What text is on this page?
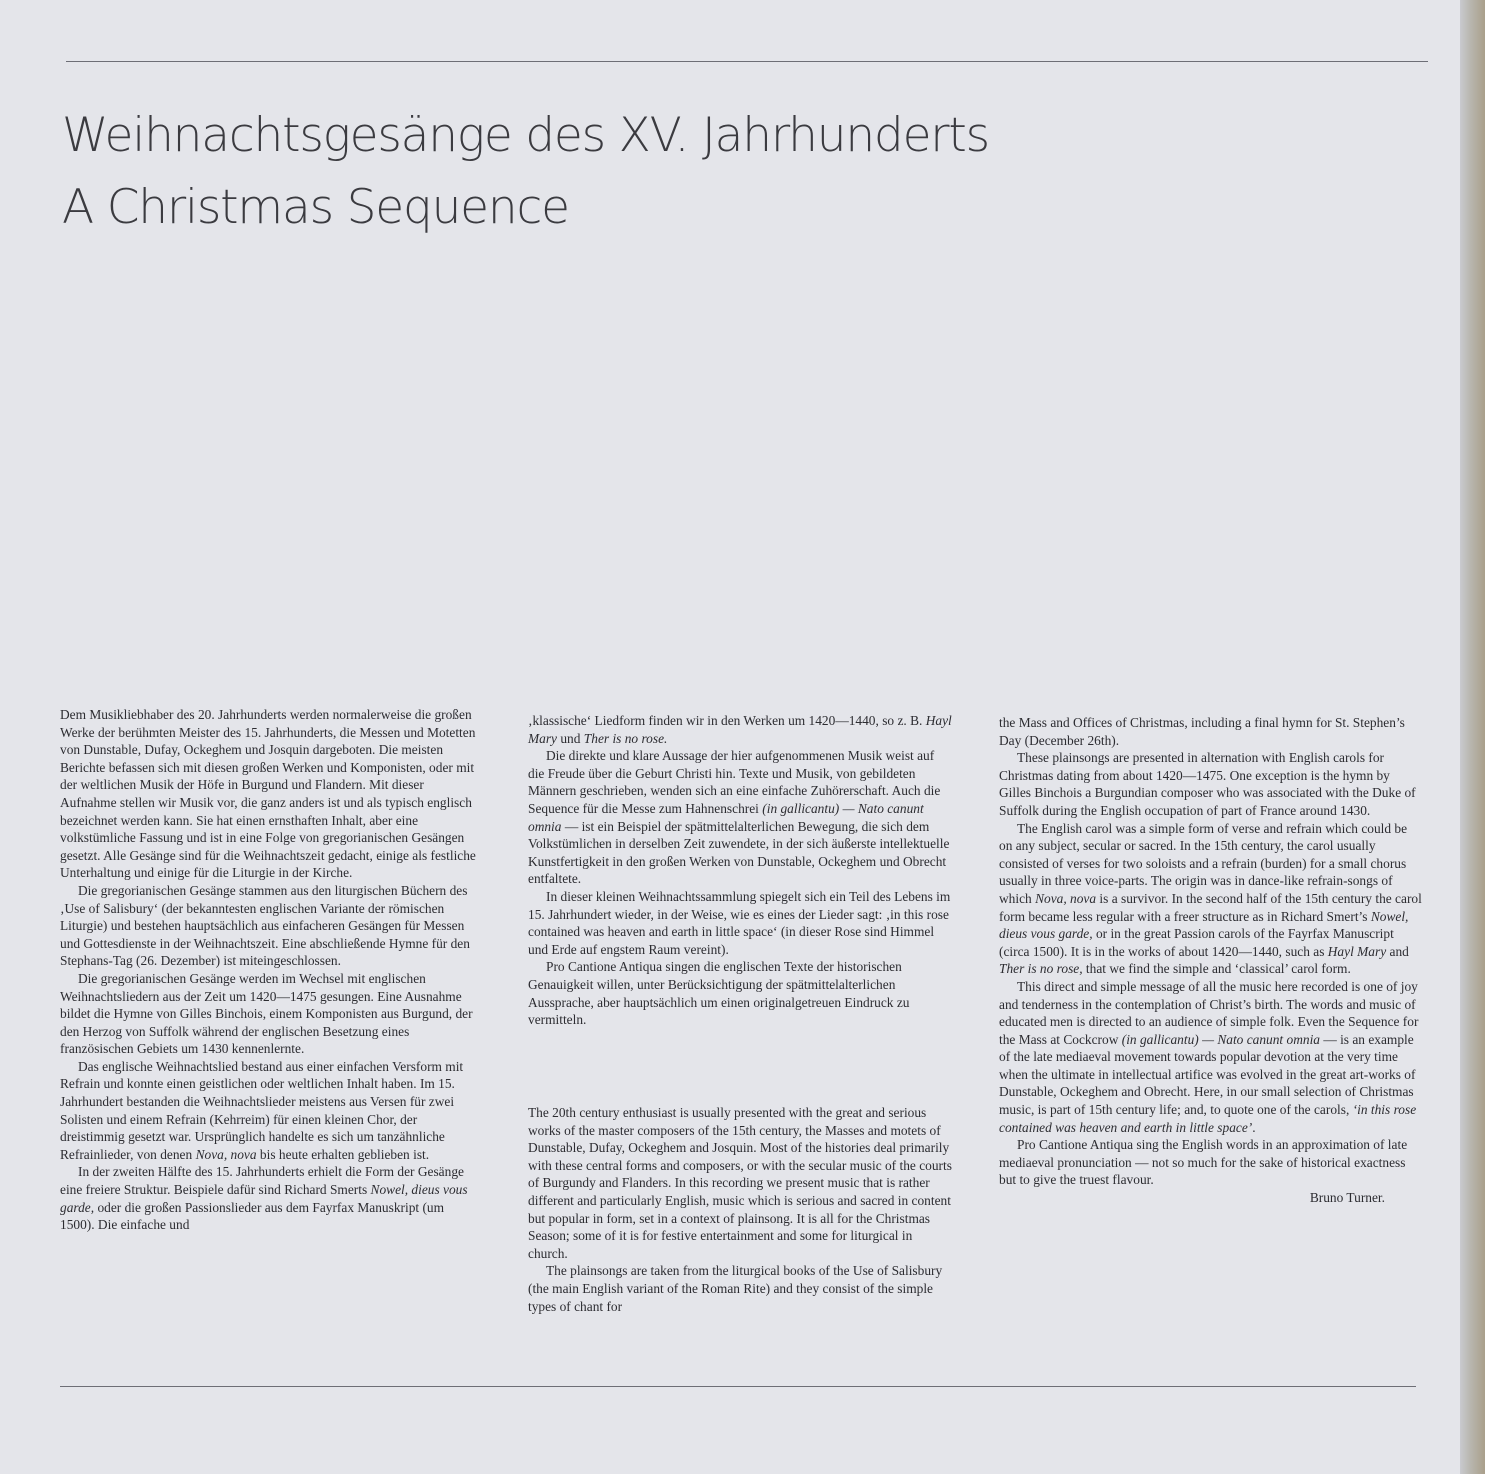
Weihnachtsgesänge des XV. Jahrhunderts
A Christmas Sequence

Dem Musikliebhaber des 20. Jahrhunderts werden normalerweise die großen Werke der berühmten Meister des 15. Jahrhunderts, die Messen und Motetten von Dunstable, Dufay, Ockeghem und Josquin dargeboten. Die meisten Berichte befassen sich mit diesen großen Werken und Komponisten, oder mit der weltlichen Musik der Höfe in Burgund und Flandern. Mit dieser Aufnahme stellen wir Musik vor, die ganz anders ist und als typisch englisch bezeichnet werden kann. Sie hat einen ernsthaften Inhalt, aber eine volkstümliche Fassung und ist in eine Folge von gregorianischen Gesängen gesetzt. Alle Gesänge sind für die Weihnachtszeit gedacht, einige als festliche Unterhaltung und einige für die Liturgie in der Kirche.

Die gregorianischen Gesänge stammen aus den liturgischen Büchern des ‚Use of Salisbury‘ (der bekanntesten englischen Variante der römischen Liturgie) und bestehen hauptsächlich aus einfacheren Gesängen für Messen und Gottesdienste in der Weihnachtszeit. Eine abschließende Hymne für den Stephans-Tag (26. Dezember) ist miteingeschlossen.

Die gregorianischen Gesänge werden im Wechsel mit englischen Weihnachtsliedern aus der Zeit um 1420—1475 gesungen. Eine Ausnahme bildet die Hymne von Gilles Binchois, einem Komponisten aus Burgund, der den Herzog von Suffolk während der englischen Besetzung eines französischen Gebiets um 1430 kennenlernte.

Das englische Weihnachtslied bestand aus einer einfachen Versform mit Refrain und konnte einen geistlichen oder weltlichen Inhalt haben. Im 15. Jahrhundert bestanden die Weihnachtslieder meistens aus Versen für zwei Solisten und einem Refrain (Kehrreim) für einen kleinen Chor, der dreistimmig gesetzt war. Ursprünglich handelte es sich um tanzähnliche Refrainlieder, von denen Nova, nova bis heute erhalten geblieben ist.

In der zweiten Hälfte des 15. Jahrhunderts erhielt die Form der Gesänge eine freiere Struktur. Beispiele dafür sind Richard Smerts Nowel, dieus vous garde, oder die großen Passionslieder aus dem Fayrfax Manuskript (um 1500). Die einfache und

‚klassische‘ Liedform finden wir in den Werken um 1420—1440, so z. B. Hayl Mary und Ther is no rose.

Die direkte und klare Aussage der hier aufgenommenen Musik weist auf die Freude über die Geburt Christi hin. Texte und Musik, von gebildeten Männern geschrieben, wenden sich an eine einfache Zuhörerschaft. Auch die Sequence für die Messe zum Hahnenschrei (in gallicantu) — Nato canunt omnia — ist ein Beispiel der spätmittelalterlichen Bewegung, die sich dem Volkstümlichen in derselben Zeit zuwendete, in der sich äußerste intellektuelle Kunstfertigkeit in den großen Werken von Dunstable, Ockeghem und Obrecht entfaltete.

In dieser kleinen Weihnachtssammlung spiegelt sich ein Teil des Lebens im 15. Jahrhundert wieder, in der Weise, wie es eines der Lieder sagt: ‚in this rose contained was heaven and earth in little space‘ (in dieser Rose sind Himmel und Erde auf engstem Raum vereint).

Pro Cantione Antiqua singen die englischen Texte der historischen Genauigkeit willen, unter Berücksichtigung der spätmittelalterlichen Aussprache, aber hauptsächlich um einen originalgetreuen Eindruck zu vermitteln.

The 20th century enthusiast is usually presented with the great and serious works of the master composers of the 15th century, the Masses and motets of Dunstable, Dufay, Ockeghem and Josquin. Most of the histories deal primarily with these central forms and composers, or with the secular music of the courts of Burgundy and Flanders. In this recording we present music that is rather different and particularly English, music which is serious and sacred in content but popular in form, set in a context of plainsong. It is all for the Christmas Season; some of it is for festive entertainment and some for liturgical in church.

The plainsongs are taken from the liturgical books of the Use of Salisbury (the main English variant of the Roman Rite) and they consist of the simple types of chant for

the Mass and Offices of Christmas, including a final hymn for St. Stephen’s Day (December 26th).

These plainsongs are presented in alternation with English carols for Christmas dating from about 1420—1475. One exception is the hymn by Gilles Binchois a Burgundian composer who was associated with the Duke of Suffolk during the English occupation of part of France around 1430.

The English carol was a simple form of verse and refrain which could be on any subject, secular or sacred. In the 15th century, the carol usually consisted of verses for two soloists and a refrain (burden) for a small chorus usually in three voice-parts. The origin was in dance-like refrain-songs of which Nova, nova is a survivor. In the second half of the 15th century the carol form became less regular with a freer structure as in Richard Smert’s Nowel, dieus vous garde, or in the great Passion carols of the Fayrfax Manuscript (circa 1500). It is in the works of about 1420—1440, such as Hayl Mary and Ther is no rose, that we find the simple and ‘classical’ carol form.

This direct and simple message of all the music here recorded is one of joy and tenderness in the contemplation of Christ’s birth. The words and music of educated men is directed to an audience of simple folk. Even the Sequence for the Mass at Cockcrow (in gallicantu) — Nato canunt omnia — is an example of the late mediaeval movement towards popular devotion at the very time when the ultimate in intellectual artifice was evolved in the great art-works of Dunstable, Ockeghem and Obrecht. Here, in our small selection of Christmas music, is part of 15th century life; and, to quote one of the carols, ‘in this rose contained was heaven and earth in little space’.

Pro Cantione Antiqua sing the English words in an approximation of late mediaeval pronunciation — not so much for the sake of historical exactness but to give the truest flavour.

Bruno Turner.
